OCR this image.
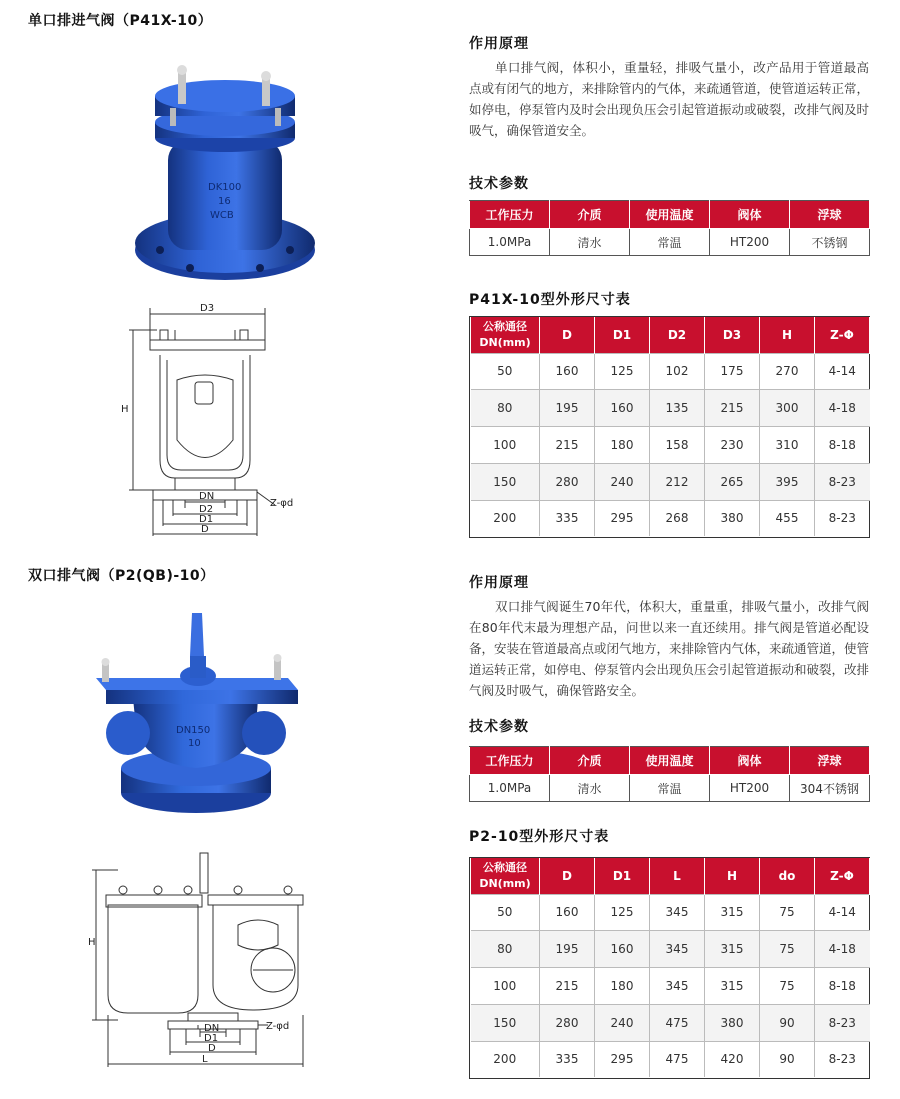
单口排进气阀（P41X-10）
DK100
16
WCB
D3
H
DN
D2
D1
D
Z-φd
作用原理

单口排气阀，体积小，重量轻，排吸气量小，改产品用于管道最高点或有闭气的地方，来排除管内的气体，来疏通管道，使管道运转正常，如停电，停泵管内及时会出现负压会引起管道振动或破裂，改排气阀及时吸气，确保管道安全。

技术参数
工作压力	介质	使用温度	阀体	浮球
1.0MPa	清水	常温	HT200	不锈钢
P41X-10型外形尺寸表
公称通径DN(mm)	D	D1	D2	D3	H	Z-Φ
50	160	125	102	175	270	4-14
80	195	160	135	215	300	4-18
100	215	180	158	230	310	8-18
150	280	240	212	265	395	8-23
200	335	295	268	380	455	8-23
双口排气阀（P2(QB)-10）
DN150
10
H
DN
D1
D
L
Z-φd
作用原理

双口排气阀诞生70年代，体积大，重量重，排吸气量小，改排气阀在80年代末最为理想产品，问世以来一直还续用。排气阀是管道必配设备，安装在管道最高点或闭气地方，来排除管内气体，来疏通管道，使管道运转正常，如停电、停泵管内会出现负压会引起管道振动和破裂，改排气阀及时吸气，确保管路安全。

技术参数
工作压力	介质	使用温度	阀体	浮球
1.0MPa	清水	常温	HT200	304不锈钢
P2-10型外形尺寸表
公称通径DN(mm)	D	D1	L	H	do	Z-Φ
50	160	125	345	315	75	4-14
80	195	160	345	315	75	4-18
100	215	180	345	315	75	8-18
150	280	240	475	380	90	8-23
200	335	295	475	420	90	8-23
